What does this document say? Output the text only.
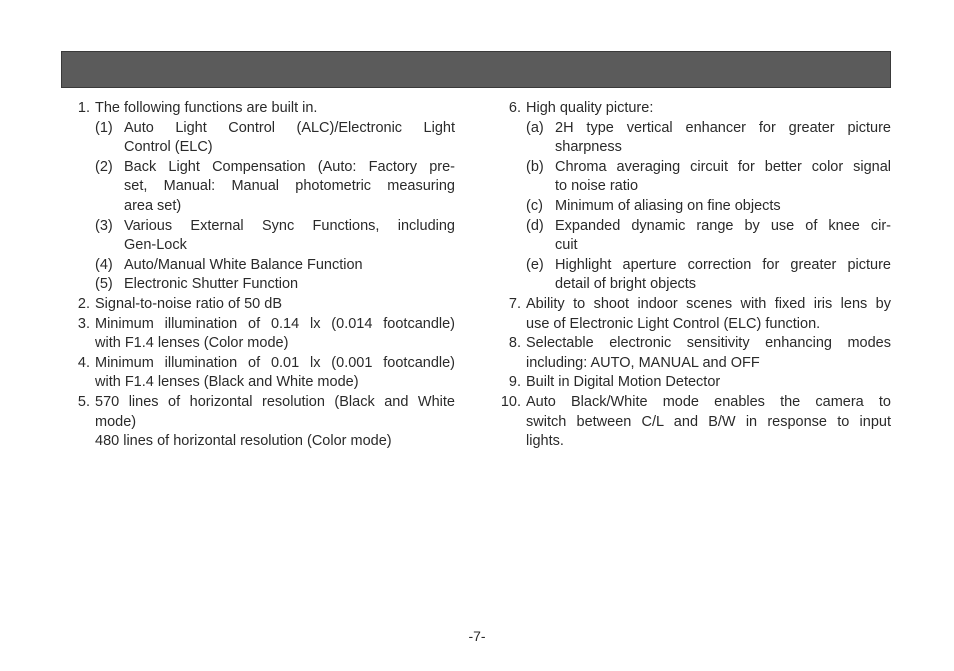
1. The following functions are built in.
(1) Auto Light Control (ALC)/Electronic Light
Control (ELC)
(2) Back Light Compensation (Auto: Factory pre-
set, Manual: Manual photometric measuring
area set)
(3) Various External Sync Functions, including
Gen-Lock
(4) Auto/Manual White Balance Function
(5) Electronic Shutter Function
2. Signal-to-noise ratio of 50 dB
3. Minimum illumination of 0.14 lx (0.014 footcandle)
with F1.4 lenses (Color mode)
4. Minimum illumination of 0.01 lx (0.001 footcandle)
with F1.4 lenses (Black and White mode)
5. 570 lines of horizontal resolution (Black and White
mode)
480 lines of horizontal resolution (Color mode)
6. High quality picture:
(a) 2H type vertical enhancer for greater picture
sharpness
(b) Chroma averaging circuit for better color signal
to noise ratio
(c) Minimum of aliasing on fine objects
(d) Expanded dynamic range by use of knee cir-
cuit
(e) Highlight aperture correction for greater picture
detail of bright objects
7. Ability to shoot indoor scenes with fixed iris lens by
use of Electronic Light Control (ELC) function.
8. Selectable electronic sensitivity enhancing modes
including: AUTO, MANUAL and OFF
9. Built in Digital Motion Detector
10. Auto Black/White mode enables the camera to
switch between C/L and B/W in response to input
lights.
-7-
